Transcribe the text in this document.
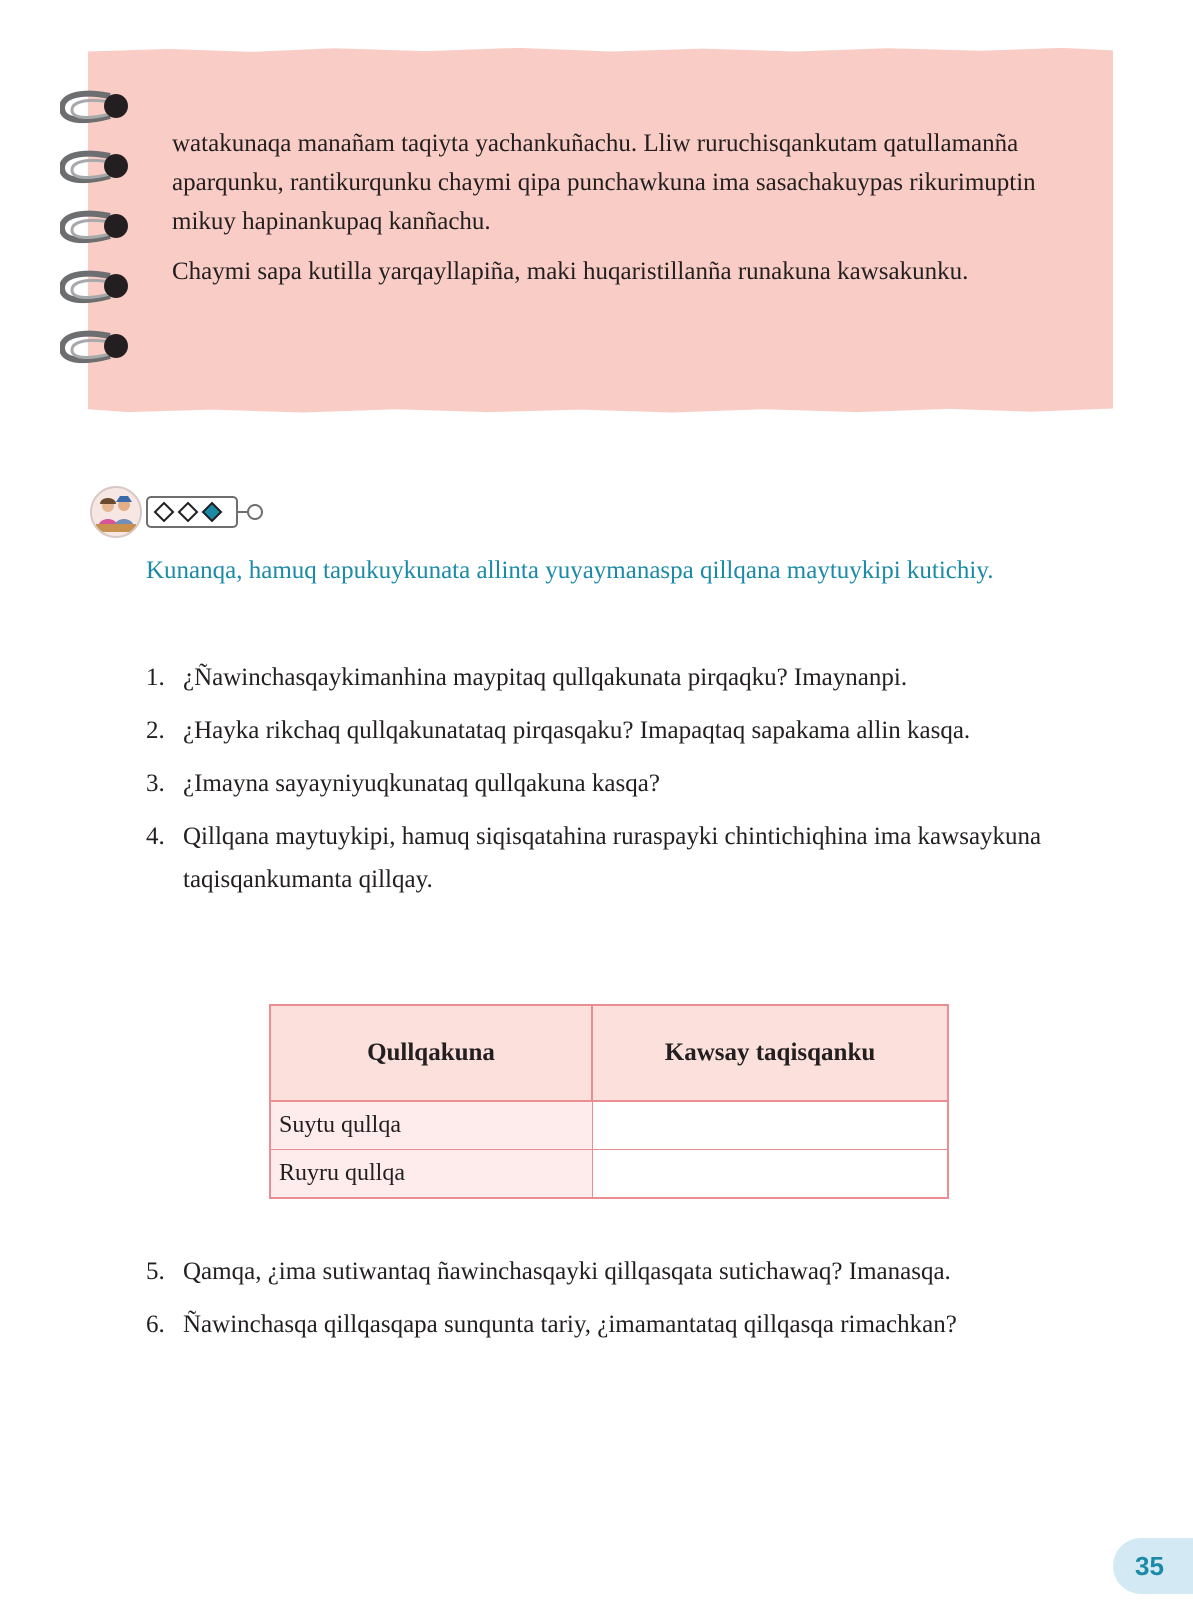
watakunaqa manañam taqiyta yachankuñachu. Lliw ruruchisqankutam qatullamanña aparqunku, rantikurqunku chaymi qipa punchawkuna ima sasachakuypas rikurimuptin mikuy hapinankupaq kanñachu.

Chaymi sapa kutilla yarqayllapiña, maki huqaristillanña runakuna kawsakunku.

Kunanqa, hamuq tapukuykunata allinta yuyaymanaspa qillqana maytuykipi kutichiy.

1. ¿Ñawinchasqaykimanhina maypitaq qullqakunata pirqaqku? Imaynanpi.
2. ¿Hayka rikchaq qullqakunatataq pirqasqaku? Imapaqtaq sapakama allin kasqa.
3. ¿Imayna sayayniyuqkunataq qullqakuna kasqa?
4. Qillqana maytuykipi, hamuq siqisqatahina ruraspayki chintichiqhina ima kawsaykuna taqisqankumanta qillqay.
Qullqakuna	Kawsay taqisqanku
Suytu qullqa	
Ruyru qullqa	
5. Qamqa, ¿ima sutiwantaq ñawinchasqayki qillqasqata sutichawaq? Imanasqa.
6. Ñawinchasqa qillqasqapa sunqunta tariy, ¿imamantataq qillqasqa rimachkan?
35
